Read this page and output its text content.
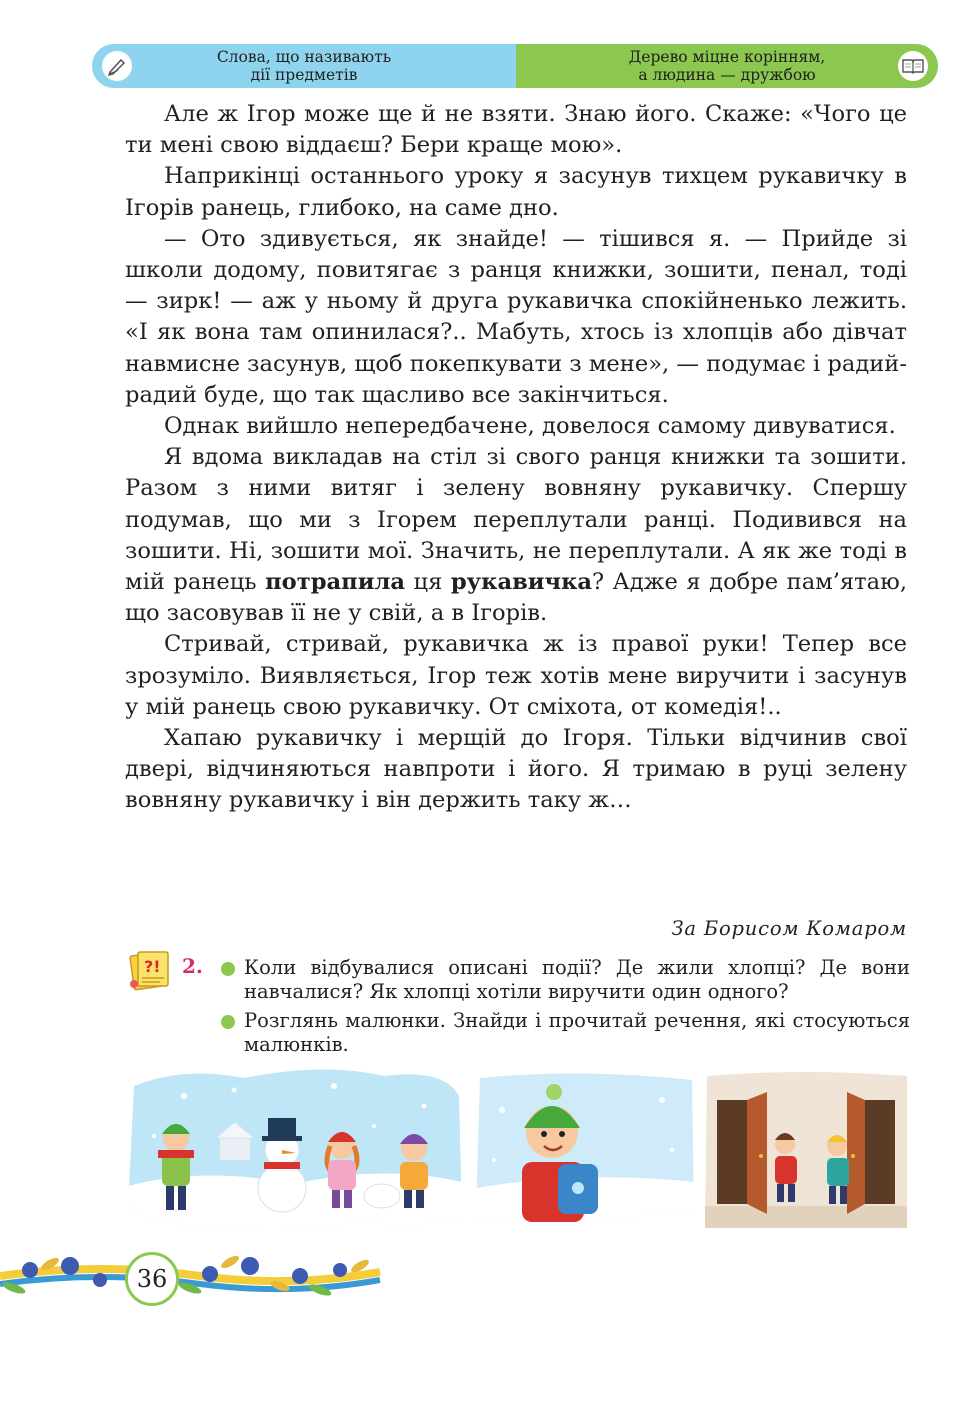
Слова, що називають
дії предметів
Дерево міцне корінням,
а людина — дружбою

Але ж Ігор може ще й не взяти. Знаю його. Скаже: «Чого це ти мені свою віддаєш? Бери краще мою».

Наприкінці останнього уроку я засунув тихцем рукавичку в Ігорів ранець, глибоко, на саме дно.

— Ото здивується, як знайде! — тішився я. — Прийде зі школи додому, повитягає з ранця книжки, зошити, пенал, тоді — зирк! — аж у ньому й друга рукавичка спокійненько лежить. «І як вона там опинилася?.. Мабуть, хтось із хлопців або дівчат навмисне засунув, щоб покепкувати з мене», — подумає і радий-радий буде, що так щасливо все закінчиться.

Однак вийшло непередбачене, довелося самому дивуватися.

Я вдома викладав на стіл зі свого ранця книжки та зошити. Разом з ними витяг і зелену вовняну рукавичку. Спершу подумав, що ми з Ігорем переплутали ранці. Подивився на зошити. Ні, зошити мої. Значить, не переплутали. А як же тоді в мій ранець потрапила ця рукавичка? Адже я добре пам’ятаю, що засовував її не у свій, а в Ігорів.

Стривай, стривай, рукавичка ж із правої руки! Тепер все зрозуміло. Виявляється, Ігор теж хотів мене виручити і засунув у мій ранець свою рукавичку. От сміхота, от комедія!..

Хапаю рукавичку і мерщій до Ігоря. Тільки відчинив свої двері, відчиняються навпроти і його. Я тримаю в руці зелену вовняну рукавичку і він держить таку ж…

За Борисом Комаром
?! 2.	Коли відбувалися описані події? Де жили хлопці? Де вони навчалися? Як хлопці хотіли виручити один одного?
Розглянь малюнки. Знайди і прочитай речення, які стосуються малюнків.
36
